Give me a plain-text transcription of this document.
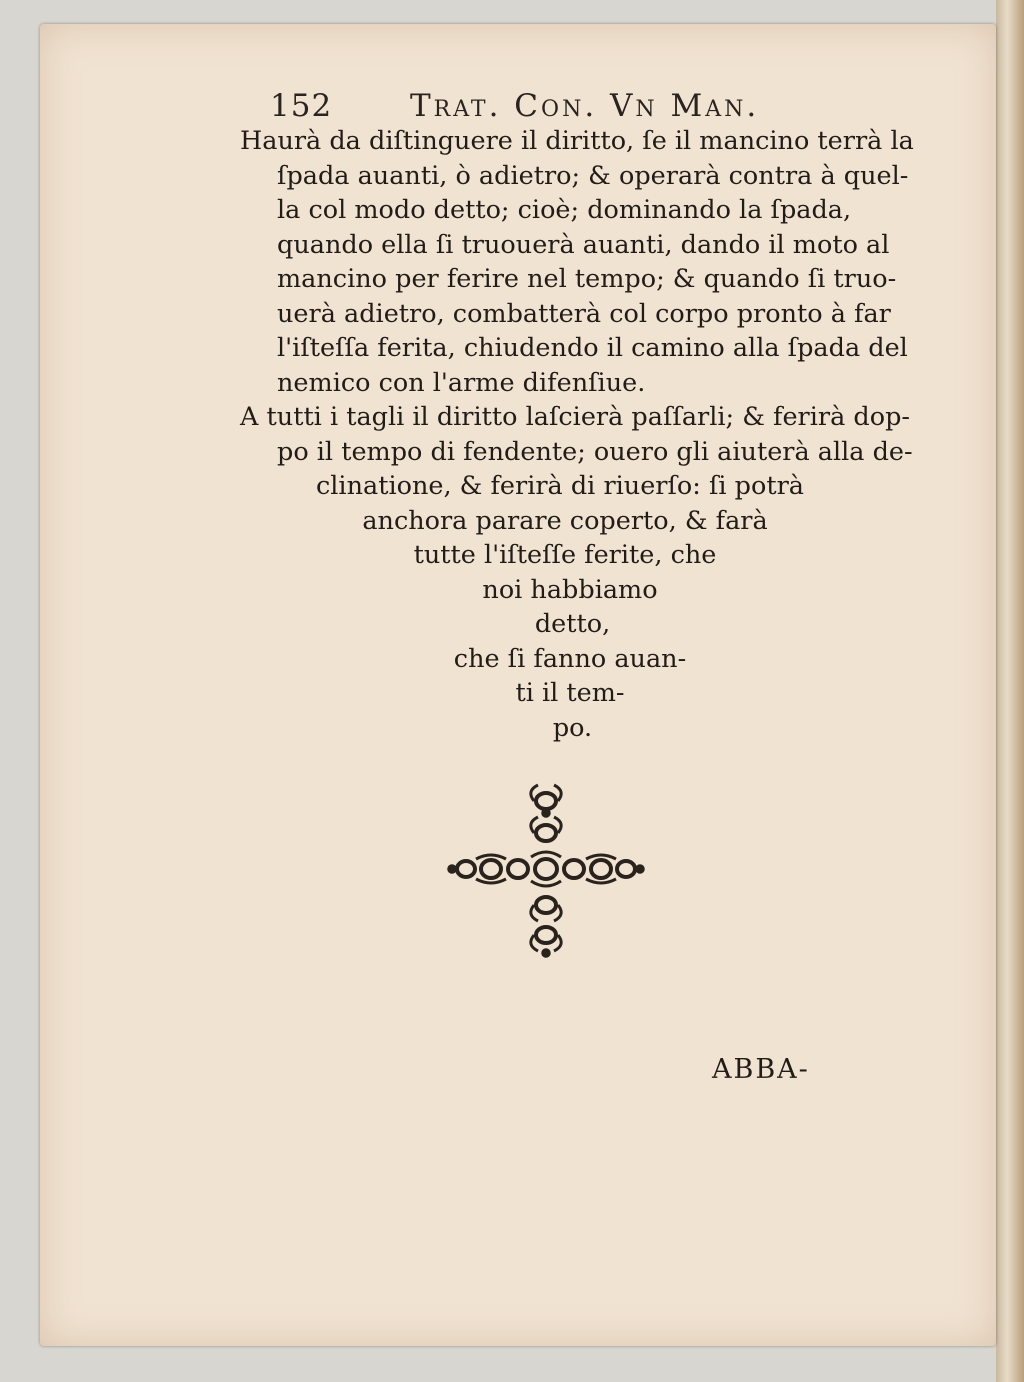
152	Trat. Con. Vn Man.
Haurà da diſtinguere il diritto, ſe il mancino terrà la
ſpada auanti, ò adietro; & operarà contra à quel-
la col modo detto; cioè; dominando la ſpada,
quando ella ſi truouerà auanti, dando il moto al
mancino per ferire nel tempo; & quando ſi truo-
uerà adietro, combatterà col corpo pronto à far
l'iſteſſa ferita, chiudendo il camino alla ſpada del
nemico con l'arme difenſiue.
A tutti i tagli il diritto laſcierà paſſarli; & ferirà dop-
po il tempo di fendente; ouero gli aiuterà alla de-
clinatione, & ferirà di riuerſo: ſi potrà
anchora parare coperto, & farà
tutte l'iſteſſe ferite, che
noi habbiamo
detto,
che ſi fanno auan-
ti il tem-
po.
ABBA-
